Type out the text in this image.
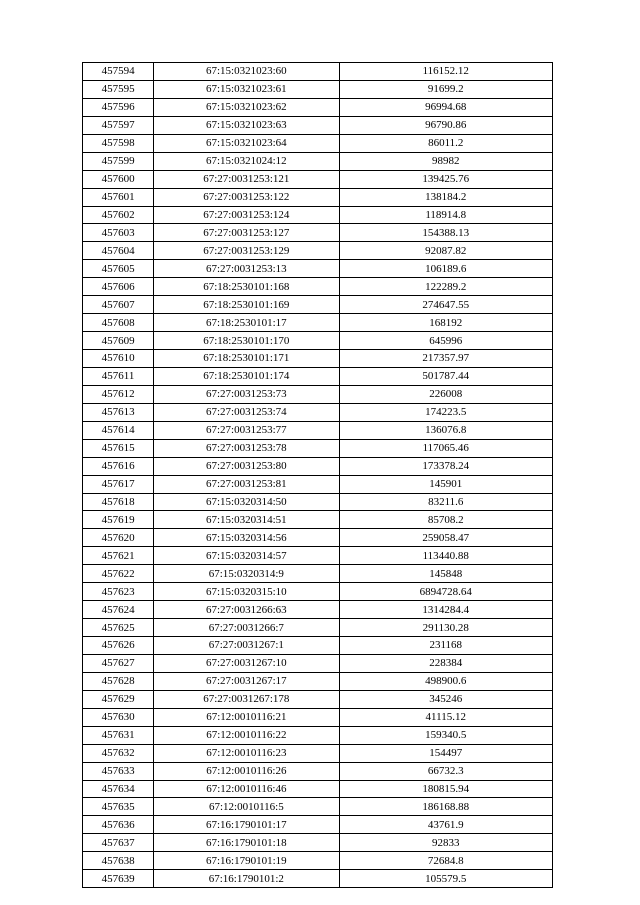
457594	67:15:0321023:60	116152.12
457595	67:15:0321023:61	91699.2
457596	67:15:0321023:62	96994.68
457597	67:15:0321023:63	96790.86
457598	67:15:0321023:64	86011.2
457599	67:15:0321024:12	98982
457600	67:27:0031253:121	139425.76
457601	67:27:0031253:122	138184.2
457602	67:27:0031253:124	118914.8
457603	67:27:0031253:127	154388.13
457604	67:27:0031253:129	92087.82
457605	67:27:0031253:13	106189.6
457606	67:18:2530101:168	122289.2
457607	67:18:2530101:169	274647.55
457608	67:18:2530101:17	168192
457609	67:18:2530101:170	645996
457610	67:18:2530101:171	217357.97
457611	67:18:2530101:174	501787.44
457612	67:27:0031253:73	226008
457613	67:27:0031253:74	174223.5
457614	67:27:0031253:77	136076.8
457615	67:27:0031253:78	117065.46
457616	67:27:0031253:80	173378.24
457617	67:27:0031253:81	145901
457618	67:15:0320314:50	83211.6
457619	67:15:0320314:51	85708.2
457620	67:15:0320314:56	259058.47
457621	67:15:0320314:57	113440.88
457622	67:15:0320314:9	145848
457623	67:15:0320315:10	6894728.64
457624	67:27:0031266:63	1314284.4
457625	67:27:0031266:7	291130.28
457626	67:27:0031267:1	231168
457627	67:27:0031267:10	228384
457628	67:27:0031267:17	498900.6
457629	67:27:0031267:178	345246
457630	67:12:0010116:21	41115.12
457631	67:12:0010116:22	159340.5
457632	67:12:0010116:23	154497
457633	67:12:0010116:26	66732.3
457634	67:12:0010116:46	180815.94
457635	67:12:0010116:5	186168.88
457636	67:16:1790101:17	43761.9
457637	67:16:1790101:18	92833
457638	67:16:1790101:19	72684.8
457639	67:16:1790101:2	105579.5
